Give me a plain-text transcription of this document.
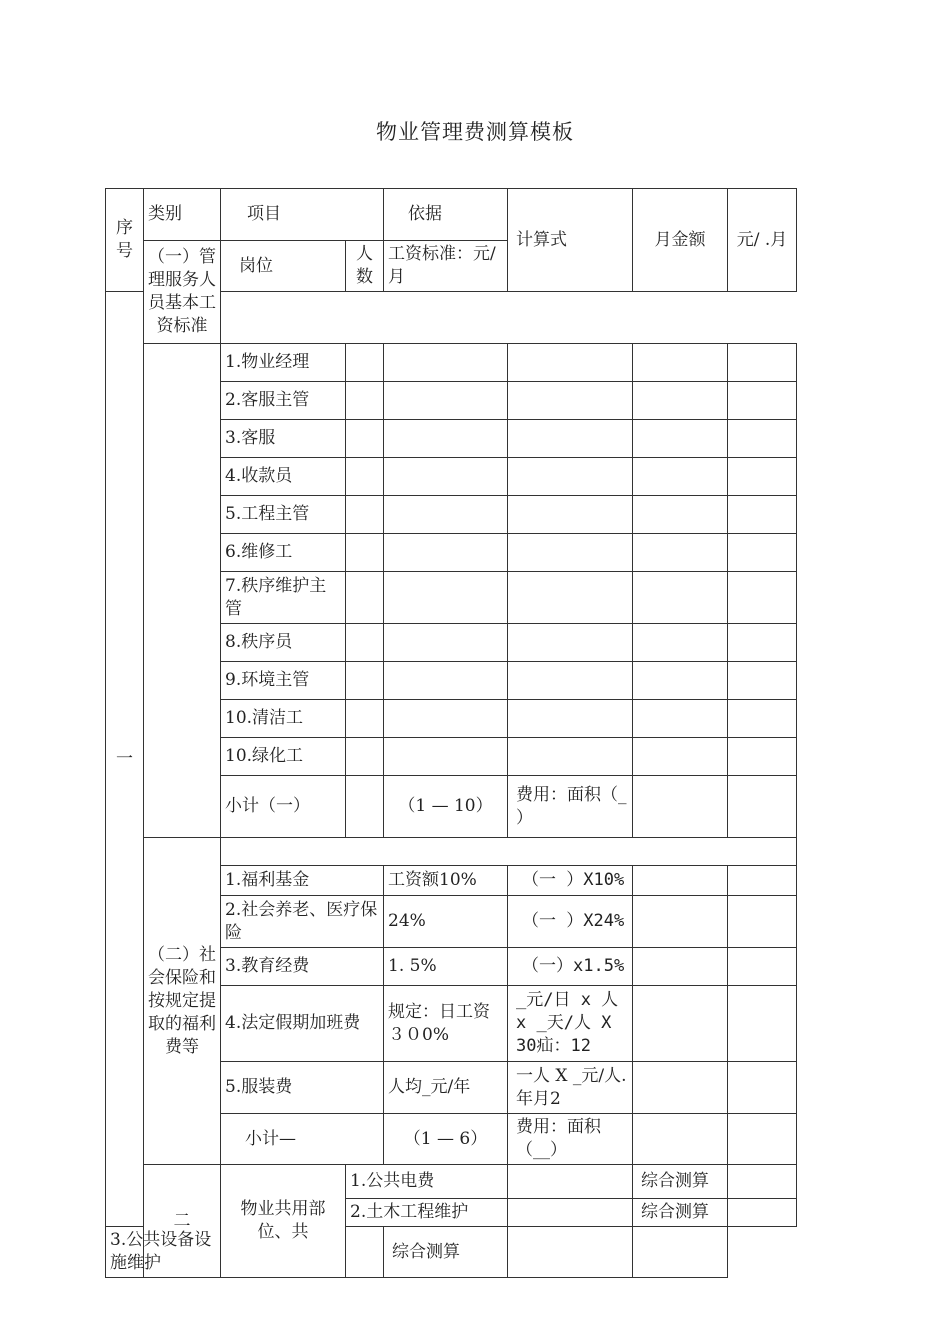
物业管理费测算模板
序号	类别	项目		依据	计算式	月金额	元/ .月	
	（一）管理服务人员基本工资标准	岗位	人数	工资标准：元/月				
一								
		1.物业经理						
		2.客服主管						
		3.客服						
		4.收款员						
		5.工程主管						
		6.维修工						
		7.秩序维护主管						
		8.秩序员						
		9.环境主管						
		10.清洁工						
		10.绿化工						
		小计（一）		（1 — 10）	费用：面积（_ ）			
	（二）社会保险和按规定提取的福利费等							
		1.福利基金		工资额10%	（一 ）X10%			
		2.社会养老、医疗保险		24%	（一 ）X24%			
		3.教育经费		1. 5%	（一）x1.5%			
		4.法定假期加班费		规定：日工资３０0%	_元/日 x 人 x _天/人 X 30疝：12			
		5.服装费		人均_元/年	一人 X _元/人.年月2			
		小计—		（1 — 6）	费用：面积（__）			

	二	物业共用部位、共	1.公共电费			综合测算		
			2.土木工程维护			综合测算		
3.公共设备设施维护				综合测算				
